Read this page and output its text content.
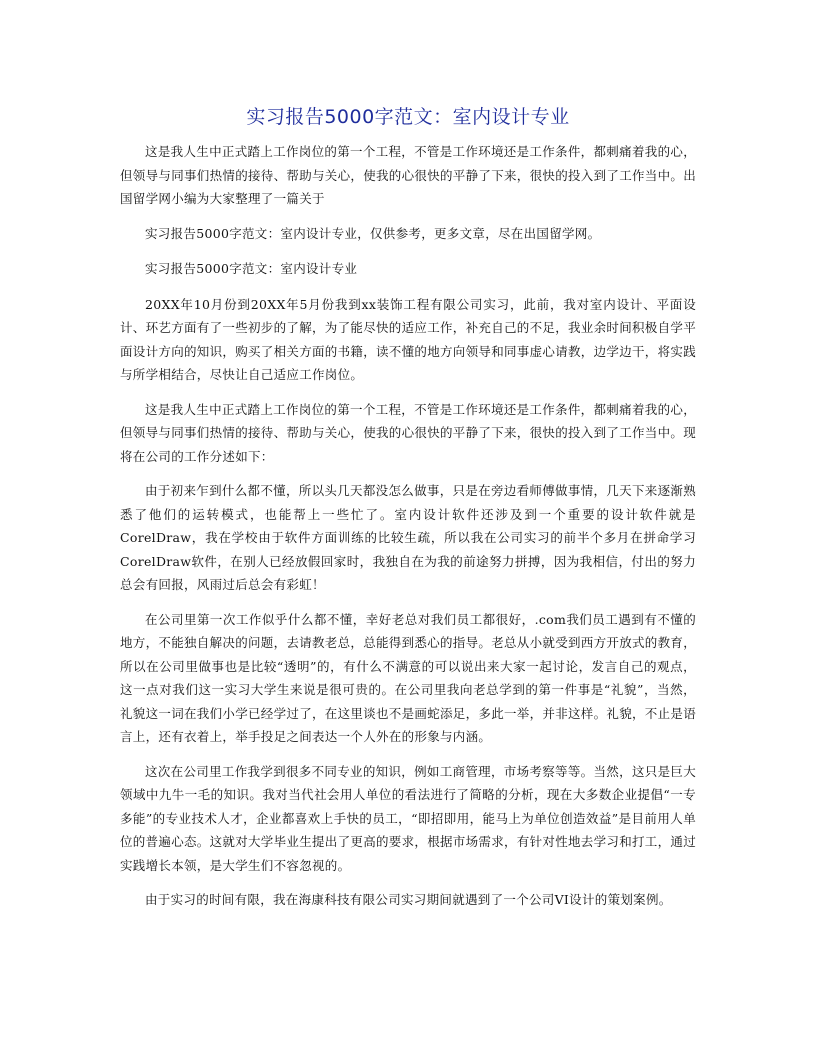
实习报告5000字范文：室内设计专业

这是我人生中正式踏上工作岗位的第一个工程，不管是工作环境还是工作条件，都刺痛着我的心，但领导与同事们热情的接待、帮助与关心，使我的心很快的平静了下来，很快的投入到了工作当中。出国留学网小编为大家整理了一篇关于

实习报告5000字范文：室内设计专业，仅供参考，更多文章，尽在出国留学网。

实习报告5000字范文：室内设计专业

20XX年10月份到20XX年5月份我到xx装饰工程有限公司实习，此前，我对室内设计、平面设计、环艺方面有了一些初步的了解，为了能尽快的适应工作，补充自己的不足，我业余时间积极自学平面设计方向的知识，购买了相关方面的书籍，读不懂的地方向领导和同事虚心请教，边学边干，将实践与所学相结合，尽快让自己适应工作岗位。

这是我人生中正式踏上工作岗位的第一个工程，不管是工作环境还是工作条件，都刺痛着我的心，但领导与同事们热情的接待、帮助与关心，使我的心很快的平静了下来，很快的投入到了工作当中。现将在公司的工作分述如下：

由于初来乍到什么都不懂，所以头几天都没怎么做事，只是在旁边看师傅做事情，几天下来逐渐熟悉了他们的运转模式，也能帮上一些忙了。室内设计软件还涉及到一个重要的设计软件就是CorelDraw，我在学校由于软件方面训练的比较生疏，所以我在公司实习的前半个多月在拼命学习CorelDraw软件，在别人已经放假回家时，我独自在为我的前途努力拼搏，因为我相信，付出的努力总会有回报，风雨过后总会有彩虹！

在公司里第一次工作似乎什么都不懂，幸好老总对我们员工都很好，.com我们员工遇到有不懂的地方，不能独自解决的问题，去请教老总，总能得到悉心的指导。老总从小就受到西方开放式的教育，所以在公司里做事也是比较“透明”的，有什么不满意的可以说出来大家一起讨论，发言自己的观点，这一点对我们这一实习大学生来说是很可贵的。在公司里我向老总学到的第一件事是“礼貌”，当然，礼貌这一词在我们小学已经学过了，在这里谈也不是画蛇添足，多此一举，并非这样。礼貌，不止是语言上，还有衣着上，举手投足之间表达一个人外在的形象与内涵。

这次在公司里工作我学到很多不同专业的知识，例如工商管理，市场考察等等。当然，这只是巨大领域中九牛一毛的知识。我对当代社会用人单位的看法进行了简略的分析，现在大多数企业提倡“一专多能”的专业技术人才，企业都喜欢上手快的员工，“即招即用，能马上为单位创造效益”是目前用人单位的普遍心态。这就对大学毕业生提出了更高的要求，根据市场需求，有针对性地去学习和打工，通过实践增长本领，是大学生们不容忽视的。

由于实习的时间有限，我在海康科技有限公司实习期间就遇到了一个公司VI设计的策划案例。
